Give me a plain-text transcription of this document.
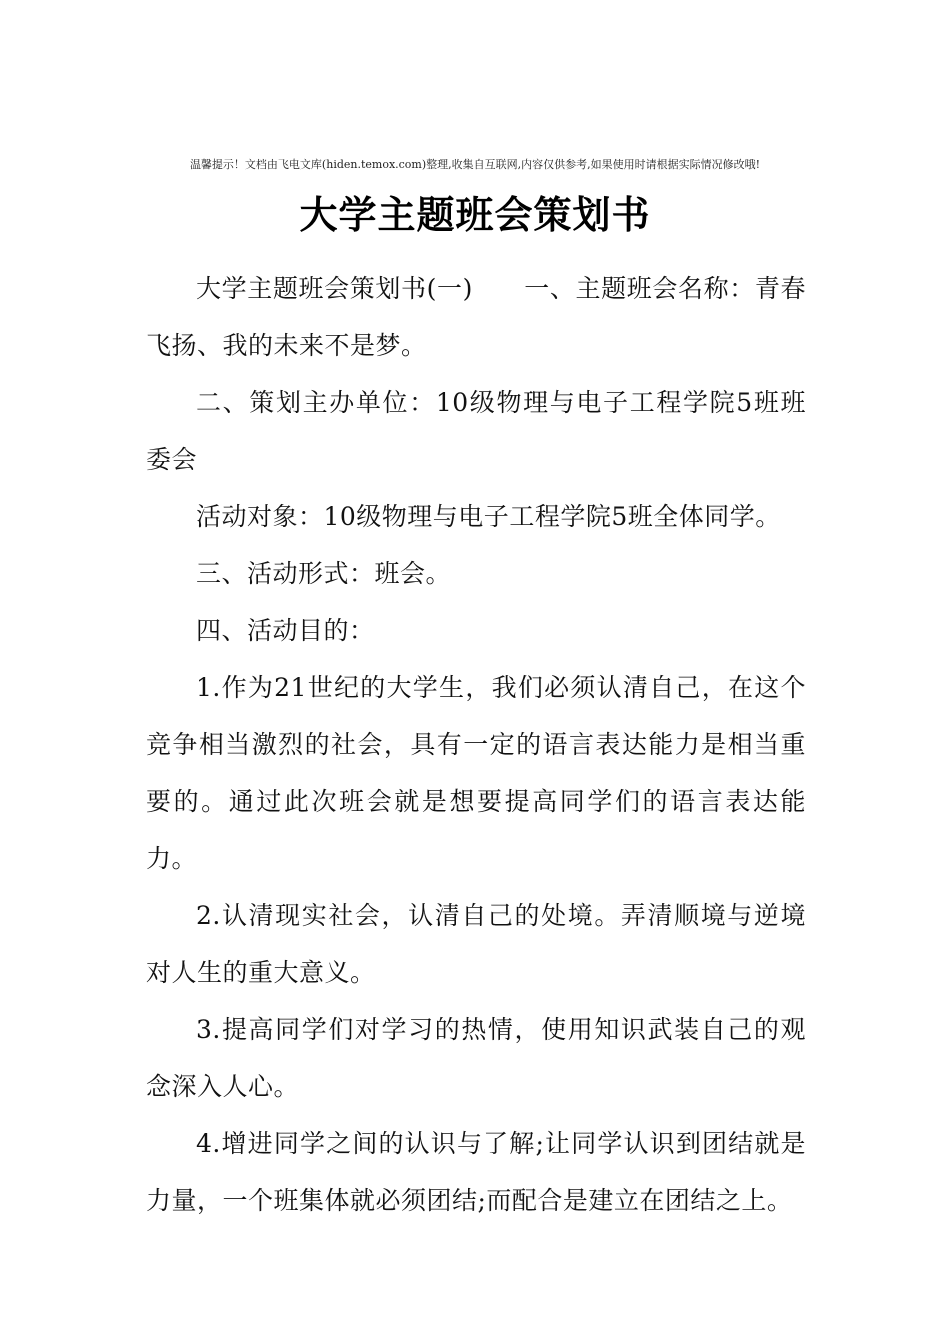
温馨提示！文档由飞电文库(hiden.temox.com)整理,收集自互联网,内容仅供参考,如果使用时请根据实际情况修改哦!
大学主题班会策划书

大学主题班会策划书(一)　　一、主题班会名称：青春飞扬、我的未来不是梦。

二、策划主办单位：10级物理与电子工程学院5班班委会

活动对象：10级物理与电子工程学院5班全体同学。

三、活动形式：班会。

四、活动目的：

1.作为21世纪的大学生，我们必须认清自己，在这个竞争相当激烈的社会，具有一定的语言表达能力是相当重要的。通过此次班会就是想要提高同学们的语言表达能力。

2.认清现实社会，认清自己的处境。弄清顺境与逆境对人生的重大意义。

3.提高同学们对学习的热情，使用知识武装自己的观念深入人心。

4.增进同学之间的认识与了解;让同学认识到团结就是力量，一个班集体就必须团结;而配合是建立在团结之上。
